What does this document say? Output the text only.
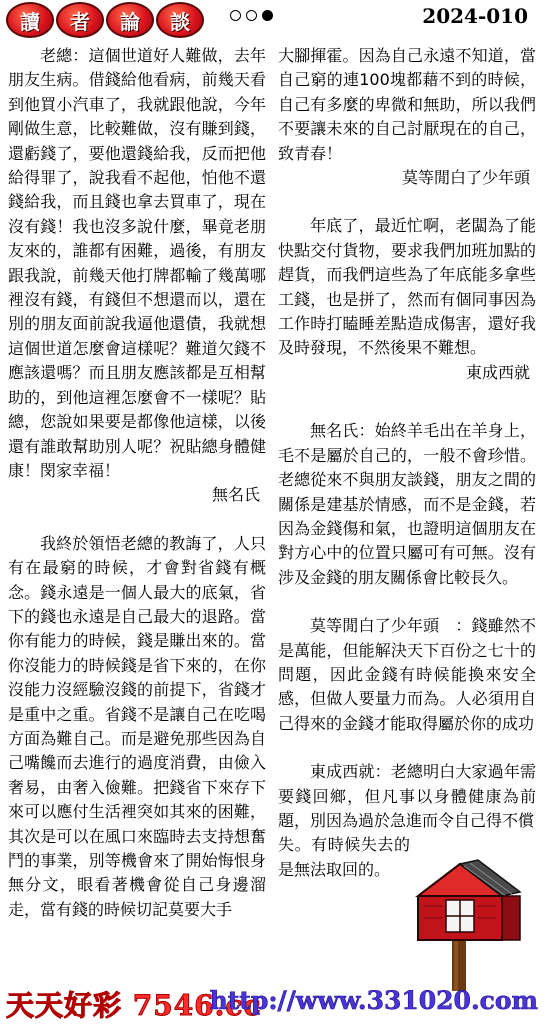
讀	者	論	談	2024-010

老總：這個世道好人難做，去年朋友生病。借錢給他看病，前幾天看到他買小汽車了，我就跟他說，今年剛做生意，比較難做，沒有賺到錢，還虧錢了，要他還錢給我，反而把他給得罪了，說我看不起他，怕他不還錢給我，而且錢也拿去買車了，現在沒有錢！我也沒多說什麼，畢竟老朋友來的，誰都有困難，過後，有朋友跟我說，前幾天他打牌都輸了幾萬哪裡沒有錢，有錢但不想還而以，還在別的朋友面前說我逼他還債，我就想這個世道怎麼會這樣呢？難道欠錢不應該還嗎？而且朋友應該都是互相幫助的，到他這裡怎麼會不一樣呢？貼總，您說如果要是都像他這樣，以後還有誰敢幫助別人呢？祝貼總身體健康！閔家幸福！

無名氏

我終於領悟老總的教誨了，人只有在最窮的時候，才會對省錢有概念。錢永遠是一個人最大的底氣，省下的錢也永遠是自己最大的退路。當你有能力的時候，錢是賺出來的。當你沒能力的時候錢是省下來的，在你沒能力沒經驗沒錢的前提下，省錢才是重中之重。省錢不是讓自己在吃喝方面為難自己。而是避免那些因為自己嘴饞而去進行的過度消費，由儉入奢易，由奢入儉難。把錢省下來存下來可以應付生活裡突如其來的困難，其次是可以在風口來臨時去支持想奮鬥的事業，別等機會來了開始悔恨身無分文，眼看著機會從自己身邊溜走，當有錢的時候切記莫要大手

大腳揮霍。因為自己永遠不知道，當自己窮的連100塊都藉不到的時候，自己有多麼的卑微和無助，所以我們不要讓未來的自己討厭現在的自己，致青春！

莫等閒白了少年頭

年底了，最近忙啊，老闆為了能快點交付貨物，要求我們加班加點的趕貨，而我們這些為了年底能多拿些工錢，也是拼了，然而有個同事因為工作時打瞌睡差點造成傷害，還好我及時發現，不然後果不難想。

東成西就

無名氏：始終羊毛出在羊身上，毛不是屬於自己的，一般不會珍惜。老總從來不與朋友談錢，朋友之間的關係是建基於情感，而不是金錢，若因為金錢傷和氣，也證明這個朋友在對方心中的位置只屬可有可無。沒有涉及金錢的朋友關係會比較長久。

莫等閒白了少年頭　：錢雖然不是萬能，但能解決天下百份之七十的問題，因此金錢有時候能換來安全感，但做人要量力而為。人必須用自己得來的金錢才能取得屬於你的成功

東成西就：老總明白大家過年需要錢回鄉，但凡事以身體健康為前題，別因為過於急進而令自己得不償

失。有時候失去的是無法取回的。

天天好彩 7546.cc
http://www.331020.com
